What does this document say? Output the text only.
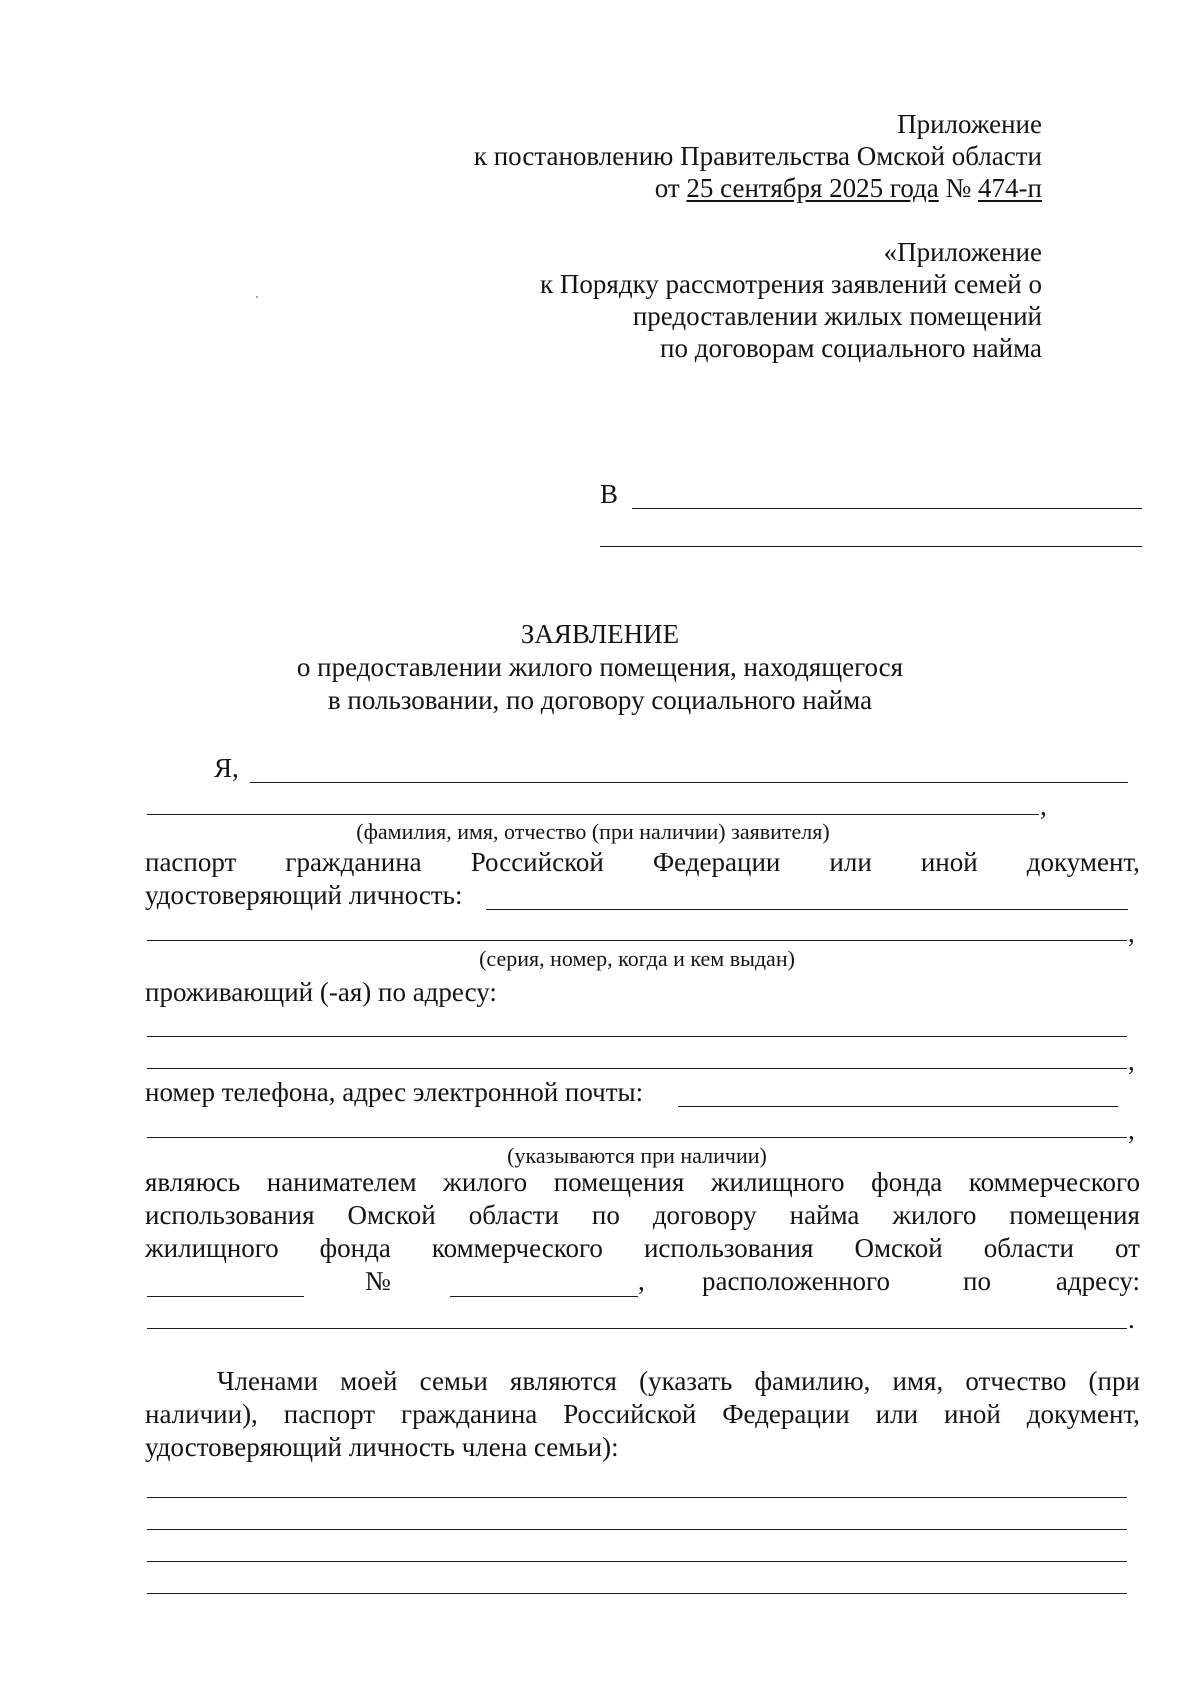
Приложение
к постановлению Правительства Омской области
от 25 сентября 2025 года № 474-п
«Приложение
к Порядку рассмотрения заявлений семей о
предоставлении жилых помещений
по договорам социального найма
В
ЗАЯВЛЕНИЕ
о предоставлении жилого помещения, находящегося
в пользовании, по договору социального найма
Я,
,
(фамилия, имя, отчество (при наличии) заявителя)
паспорт гражданина Российской Федерации или иной документ,
удостоверяющий личность:
,
(серия, номер, когда и кем выдан)
проживающий (-ая) по адресу:
,
номер телефона, адрес электронной почты:
,
(указываются при наличии)
являюсь нанимателем жилого помещения жилищного фонда коммерческого
использования Омской области по договору найма жилого помещения
жилищного фонда коммерческого использования Омской области от
№	, расположенного	по адресу:
.
Членами моей семьи являются (указать фамилию, имя, отчество (при
наличии), паспорт гражданина Российской Федерации или иной документ,
удостоверяющий личность члена семьи):
